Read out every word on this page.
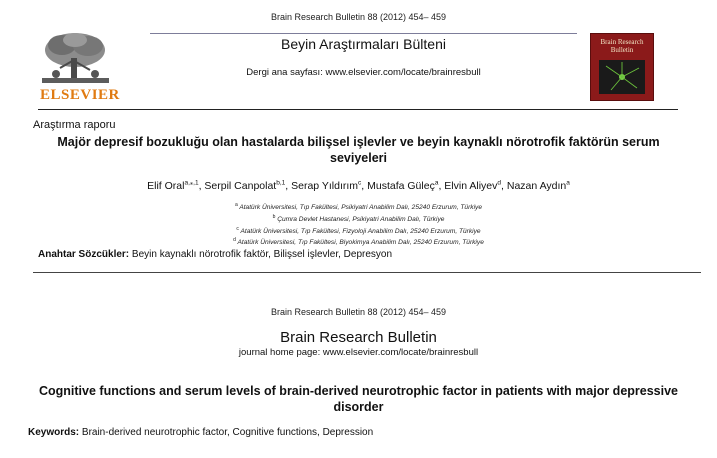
Brain Research Bulletin 88 (2012) 454– 459
ELSEVIER
Beyin Araştırmaları Bülteni
Dergi ana sayfası: www.elsevier.com/locate/brainresbull
Brain Research
Bulletin
Araştırma raporu
Majör depresif bozukluğu olan hastalarda bilişsel işlevler ve beyin kaynaklı nörotrofik faktörün serum
seviyeleri
Elif Oral$^{a,⁎,1}$, Serpil Canpolat$^{b,1}$, Serap Yıldırım$^c$, Mustafa Güleç$^a$, Elvin Aliyev$^d$, Nazan Aydın$^a$
$^a$ Atatürk Üniversitesi, Tıp Fakültesi, Psikiyatri Anabilim Dalı, 25240 Erzurum, Türkiye
$^b$ Çumra Devlet Hastanesi, Psikiyatri Anabilim Dalı, Türkiye
$^c$ Atatürk Üniversitesi, Tıp Fakültesi, Fizyoloji Anabilim Dalı, 25240 Erzurum, Türkiye
$^d$ Atatürk Üniversitesi, Tıp Fakültesi, Biyokimya Anabilim Dalı, 25240 Erzurum, Türkiye
Anahtar Sözcükler: Beyin kaynaklı nörotrofik faktör, Bilişsel işlevler, Depresyon
Brain Research Bulletin 88 (2012) 454– 459
Brain Research Bulletin
journal home page: www.elsevier.com/locate/brainresbull
Cognitive functions and serum levels of brain-derived neurotrophic factor in patients with major depressive
disorder
Keywords: Brain-derived neurotrophic factor, Cognitive functions, Depression
